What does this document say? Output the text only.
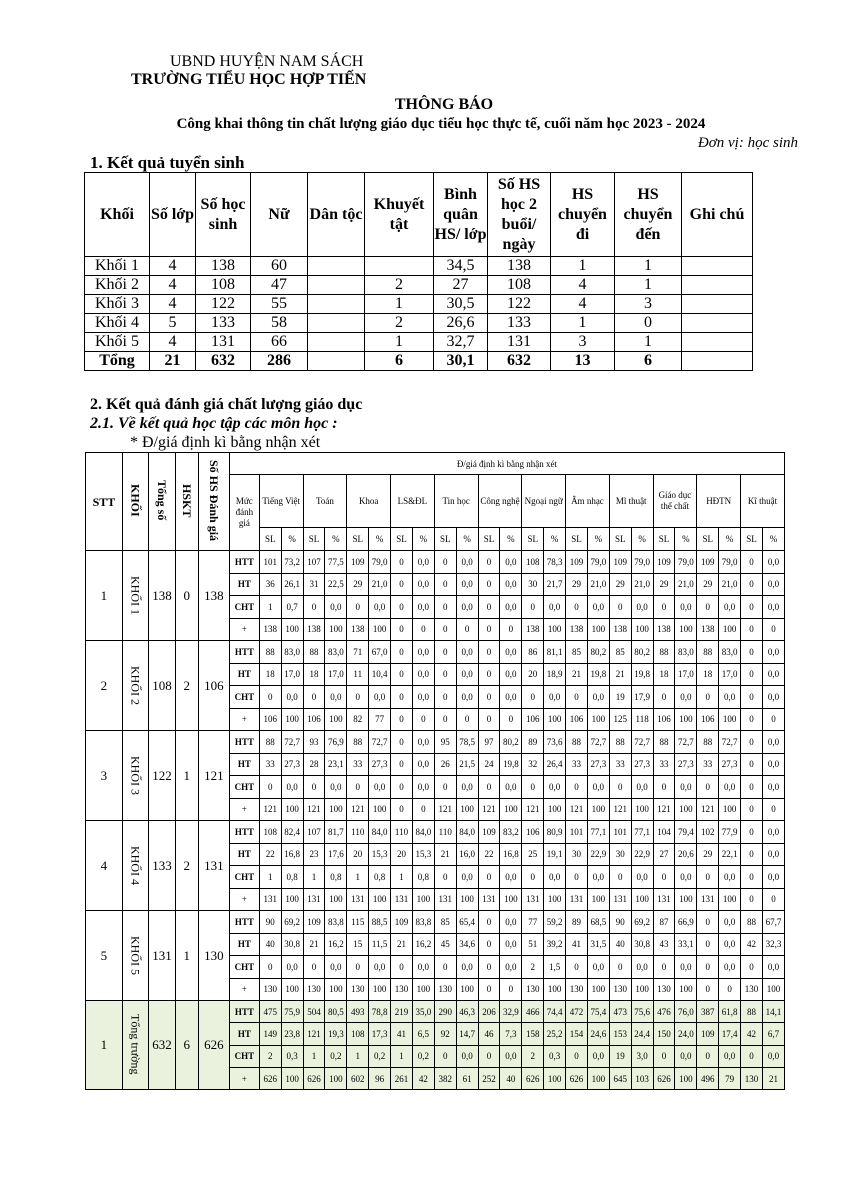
UBND HUYỆN NAM SÁCH
TRƯỜNG TIỂU HỌC HỢP TIẾN
THÔNG BÁO
Công khai thông tin chất lượng giáo dục tiểu học thực tế, cuối năm học 2023 - 2024
Đơn vị: học sinh
1. Kết quả tuyển sinh
Khối	Số lớp	Số học sinh	Nữ	Dân tộc	Khuyết tật	Bình quân HS/ lớp	Số HS học 2 buổi/ ngày	HS chuyển đi	HS chuyển đến	Ghi chú
Khối 1	4	138	60			34,5	138	1	1	
Khối 2	4	108	47		2	27	108	4	1	
Khối 3	4	122	55		1	30,5	122	4	3	
Khối 4	5	133	58		2	26,6	133	1	0	
Khối 5	4	131	66		1	32,7	131	3	1	
Tổng	21	632	286		6	30,1	632	13	6	
2. Kết quả đánh giá chất lượng giáo dục
2.1. Về kết quả học tập các môn học :
* Đ/giá định kì bằng nhận xét
STT	KHỐI	Tổng số	HSKT	Số HS Đánh giá	Đ/giá định kì bằng nhận xét																								
					Mức đánh giá	Tiếng Việt		Toán		Khoa		LS&ĐL		Tin học		Công nghệ		Ngoại ngữ		Âm nhạc		Mĩ thuật		Giáo dục thể chất		HĐTN		Kĩ thuật	
						SL	%	SL	%	SL	%	SL	%	SL	%	SL	%	SL	%	SL	%	SL	%	SL	%	SL	%	SL	%
1	KHỐI 1	138	0	138	HTT	101	73,2	107	77,5	109	79,0	0	0,0	0	0,0	0	0,0	108	78,3	109	79,0	109	79,0	109	79,0	109	79,0	0	0,0
					HT	36	26,1	31	22,5	29	21,0	0	0,0	0	0,0	0	0,0	30	21,7	29	21,0	29	21,0	29	21,0	29	21,0	0	0,0
					CHT	1	0,7	0	0,0	0	0,0	0	0,0	0	0,0	0	0,0	0	0,0	0	0,0	0	0,0	0	0,0	0	0,0	0	0,0
					+	138	100	138	100	138	100	0	0	0	0	0	0	138	100	138	100	138	100	138	100	138	100	0	0
2	KHỐI 2	108	2	106	HTT	88	83,0	88	83,0	71	67,0	0	0,0	0	0,0	0	0,0	86	81,1	85	80,2	85	80,2	88	83,0	88	83,0	0	0,0
					HT	18	17,0	18	17,0	11	10,4	0	0,0	0	0,0	0	0,0	20	18,9	21	19,8	21	19,8	18	17,0	18	17,0	0	0,0
					CHT	0	0,0	0	0,0	0	0,0	0	0,0	0	0,0	0	0,0	0	0,0	0	0,0	19	17,9	0	0,0	0	0,0	0	0,0
					+	106	100	106	100	82	77	0	0	0	0	0	0	106	100	106	100	125	118	106	100	106	100	0	0
3	KHỐI 3	122	1	121	HTT	88	72,7	93	76,9	88	72,7	0	0,0	95	78,5	97	80,2	89	73,6	88	72,7	88	72,7	88	72,7	88	72,7	0	0,0
					HT	33	27,3	28	23,1	33	27,3	0	0,0	26	21,5	24	19,8	32	26,4	33	27,3	33	27,3	33	27,3	33	27,3	0	0,0
					CHT	0	0,0	0	0,0	0	0,0	0	0,0	0	0,0	0	0,0	0	0,0	0	0,0	0	0,0	0	0,0	0	0,0	0	0,0
					+	121	100	121	100	121	100	0	0	121	100	121	100	121	100	121	100	121	100	121	100	121	100	0	0
4	KHỐI 4	133	2	131	HTT	108	82,4	107	81,7	110	84,0	110	84,0	110	84,0	109	83,2	106	80,9	101	77,1	101	77,1	104	79,4	102	77,9	0	0,0
					HT	22	16,8	23	17,6	20	15,3	20	15,3	21	16,0	22	16,8	25	19,1	30	22,9	30	22,9	27	20,6	29	22,1	0	0,0
					CHT	1	0,8	1	0,8	1	0,8	1	0,8	0	0,0	0	0,0	0	0,0	0	0,0	0	0,0	0	0,0	0	0,0	0	0,0
					+	131	100	131	100	131	100	131	100	131	100	131	100	131	100	131	100	131	100	131	100	131	100	0	0
5	KHỐI 5	131	1	130	HTT	90	69,2	109	83,8	115	88,5	109	83,8	85	65,4	0	0,0	77	59,2	89	68,5	90	69,2	87	66,9	0	0,0	88	67,7
					HT	40	30,8	21	16,2	15	11,5	21	16,2	45	34,6	0	0,0	51	39,2	41	31,5	40	30,8	43	33,1	0	0,0	42	32,3
					CHT	0	0,0	0	0,0	0	0,0	0	0,0	0	0,0	0	0,0	2	1,5	0	0,0	0	0,0	0	0,0	0	0,0	0	0,0
					+	130	100	130	100	130	100	130	100	130	100	0	0	130	100	130	100	130	100	130	100	0	0	130	100
1	Tổng trường	632	6	626	HTT	475	75,9	504	80,5	493	78,8	219	35,0	290	46,3	206	32,9	466	74,4	472	75,4	473	75,6	476	76,0	387	61,8	88	14,1
					HT	149	23,8	121	19,3	108	17,3	41	6,5	92	14,7	46	7,3	158	25,2	154	24,6	153	24,4	150	24,0	109	17,4	42	6,7
					CHT	2	0,3	1	0,2	1	0,2	1	0,2	0	0,0	0	0,0	2	0,3	0	0,0	19	3,0	0	0,0	0	0,0	0	0,0
					+	626	100	626	100	602	96	261	42	382	61	252	40	626	100	626	100	645	103	626	100	496	79	130	21
